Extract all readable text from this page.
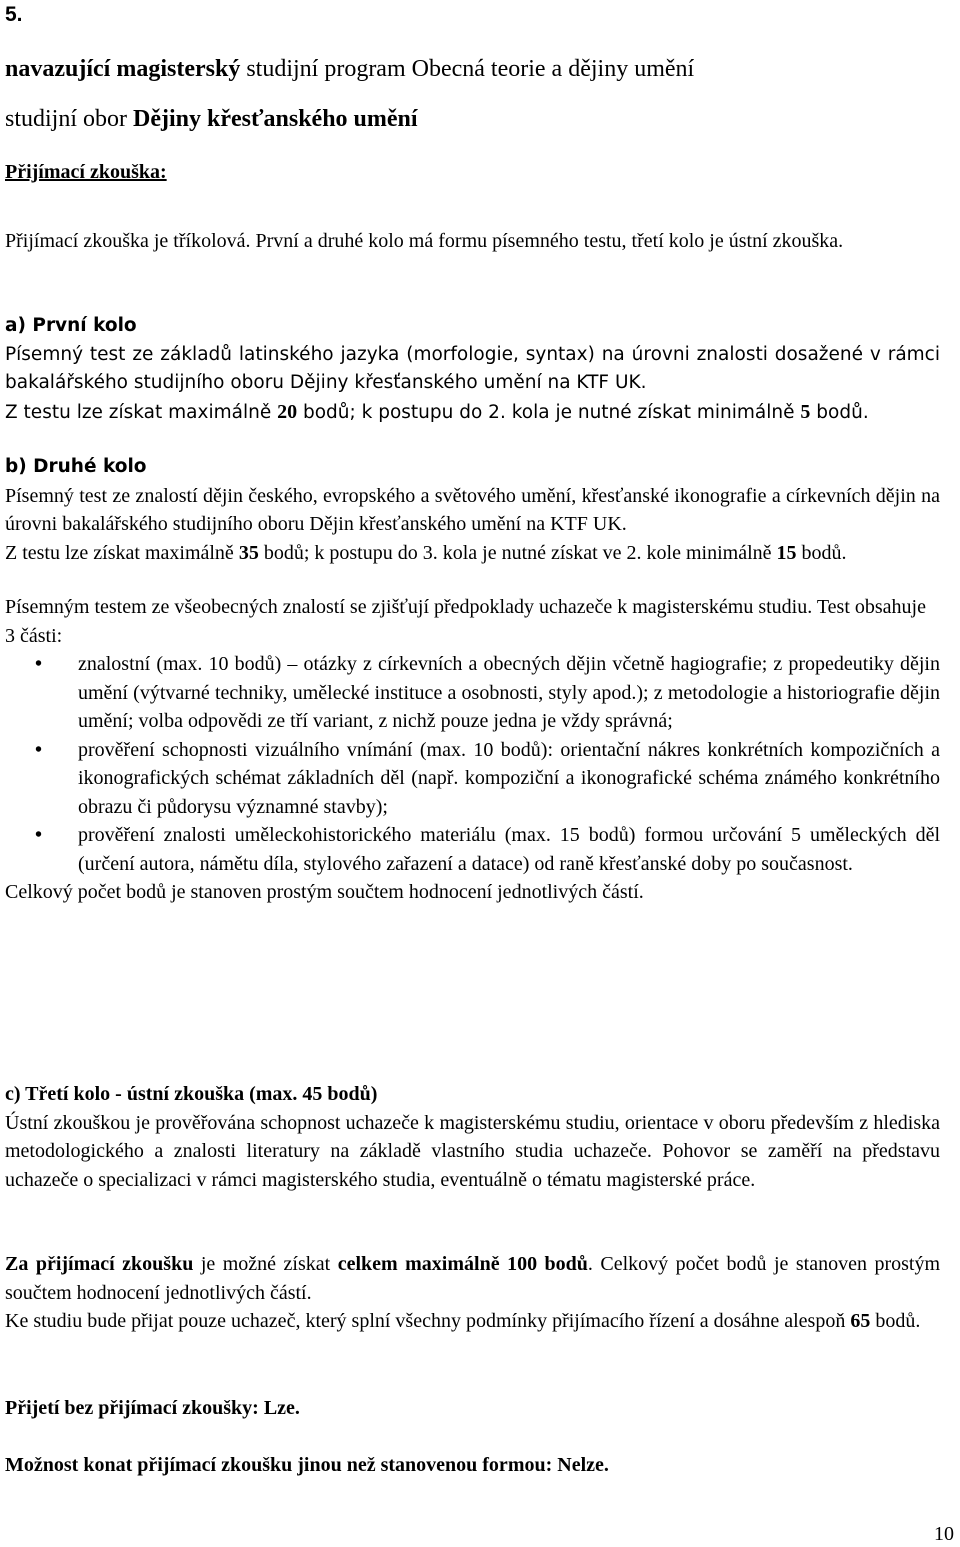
5.
navazující magisterský studijní program Obecná teorie a dějiny umění
studijní obor Dějiny křesťanského umění
Přijímací zkouška:

Přijímací zkouška je tříkolová. První a druhé kolo má formu písemného testu, třetí kolo je ústní zkouška.

a) První kolo

Písemný test ze základů latinského jazyka (morfologie, syntax) na úrovni znalosti dosažené v rámci bakalářského studijního oboru Dějiny křesťanského umění na KTF UK.

Z testu lze získat maximálně 20 bodů; k postupu do 2. kola je nutné získat minimálně 5 bodů.

b) Druhé kolo

Písemný test ze znalostí dějin českého, evropského a světového umění, křesťanské ikonografie a církevních dějin na úrovni bakalářského studijního oboru Dějin křesťanského umění na KTF UK.

Z testu lze získat maximálně 35 bodů; k postupu do 3. kola je nutné získat ve 2. kole minimálně 15 bodů.

Písemným testem ze všeobecných znalostí se zjišťují předpoklady uchazeče k magisterskému studiu. Test obsahuje 3 části:

• znalostní (max. 10 bodů) – otázky z církevních a obecných dějin včetně hagiografie; z propedeutiky dějin umění (výtvarné techniky, umělecké instituce a osobnosti, styly apod.); z metodologie a historiografie dějin umění; volba odpovědi ze tří variant, z nichž pouze jedna je vždy správná;
• prověření schopnosti vizuálního vnímání (max. 10 bodů): orientační nákres konkrétních kompozičních a ikonografických schémat základních děl (např. kompoziční a ikonografické schéma známého konkrétního obrazu či půdorysu významné stavby);
• prověření znalosti uměleckohistorického materiálu (max. 15 bodů) formou určování 5 uměleckých děl (určení autora, námětu díla, stylového zařazení a datace) od raně křesťanské doby po současnost.

Celkový počet bodů je stanoven prostým součtem hodnocení jednotlivých částí.

c) Třetí kolo - ústní zkouška (max. 45 bodů)

Ústní zkouškou je prověřována schopnost uchazeče k magisterskému studiu, orientace v oboru především z hlediska metodologického a znalosti literatury na základě vlastního studia uchazeče. Pohovor se zaměří na představu uchazeče o specializaci v rámci magisterského studia, eventuálně o tématu magisterské práce.

Za přijímací zkoušku je možné získat celkem maximálně 100 bodů. Celkový počet bodů je stanoven prostým součtem hodnocení jednotlivých částí.

Ke studiu bude přijat pouze uchazeč, který splní všechny podmínky přijímacího řízení a dosáhne alespoň 65 bodů.

Přijetí bez přijímací zkoušky: Lze.
Možnost konat přijímací zkoušku jinou než stanovenou formou: Nelze.
10
